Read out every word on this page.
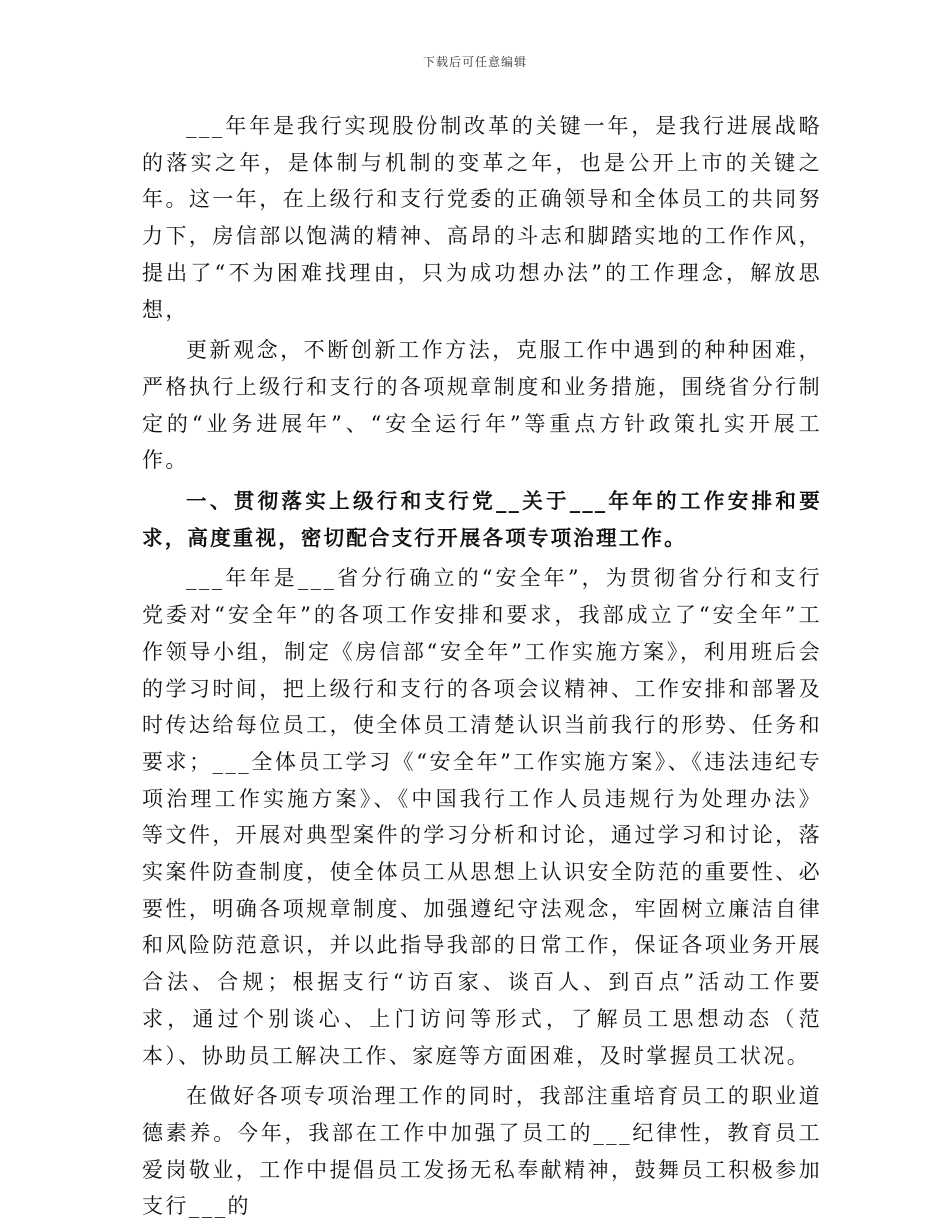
下载后可任意编辑

___年年是我行实现股份制改革的关键一年，是我行进展战略的落实之年，是体制与机制的变革之年，也是公开上市的关键之年。这一年，在上级行和支行党委的正确领导和全体员工的共同努力下，房信部以饱满的精神、高昂的斗志和脚踏实地的工作作风，提出了“不为困难找理由，只为成功想办法”的工作理念，解放思想，

更新观念，不断创新工作方法，克服工作中遇到的种种困难，严格执行上级行和支行的各项规章制度和业务措施，围绕省分行制定的“业务进展年”、“安全运行年”等重点方针政策扎实开展工作。

一、贯彻落实上级行和支行党__关于___年年的工作安排和要求，高度重视，密切配合支行开展各项专项治理工作。

___年年是___省分行确立的“安全年”，为贯彻省分行和支行党委对“安全年”的各项工作安排和要求，我部成立了“安全年”工作领导小组，制定《房信部“安全年”工作实施方案》，利用班后会的学习时间，把上级行和支行的各项会议精神、工作安排和部署及时传达给每位员工，使全体员工清楚认识当前我行的形势、任务和要求；___全体员工学习《“安全年”工作实施方案》、《违法违纪专项治理工作实施方案》、《中国我行工作人员违规行为处理办法》等文件，开展对典型案件的学习分析和讨论，通过学习和讨论，落实案件防查制度，使全体员工从思想上认识安全防范的重要性、必要性，明确各项规章制度、加强遵纪守法观念，牢固树立廉洁自律和风险防范意识，并以此指导我部的日常工作，保证各项业务开展合法、合规；根据支行“访百家、谈百人、到百点”活动工作要求，通过个别谈心、上门访问等形式，了解员工思想动态（范本）、协助员工解决工作、家庭等方面困难，及时掌握员工状况。

在做好各项专项治理工作的同时，我部注重培育员工的职业道德素养。今年，我部在工作中加强了员工的___纪律性，教育员工爱岗敬业，工作中提倡员工发扬无私奉献精神，鼓舞员工积极参加支行___的
